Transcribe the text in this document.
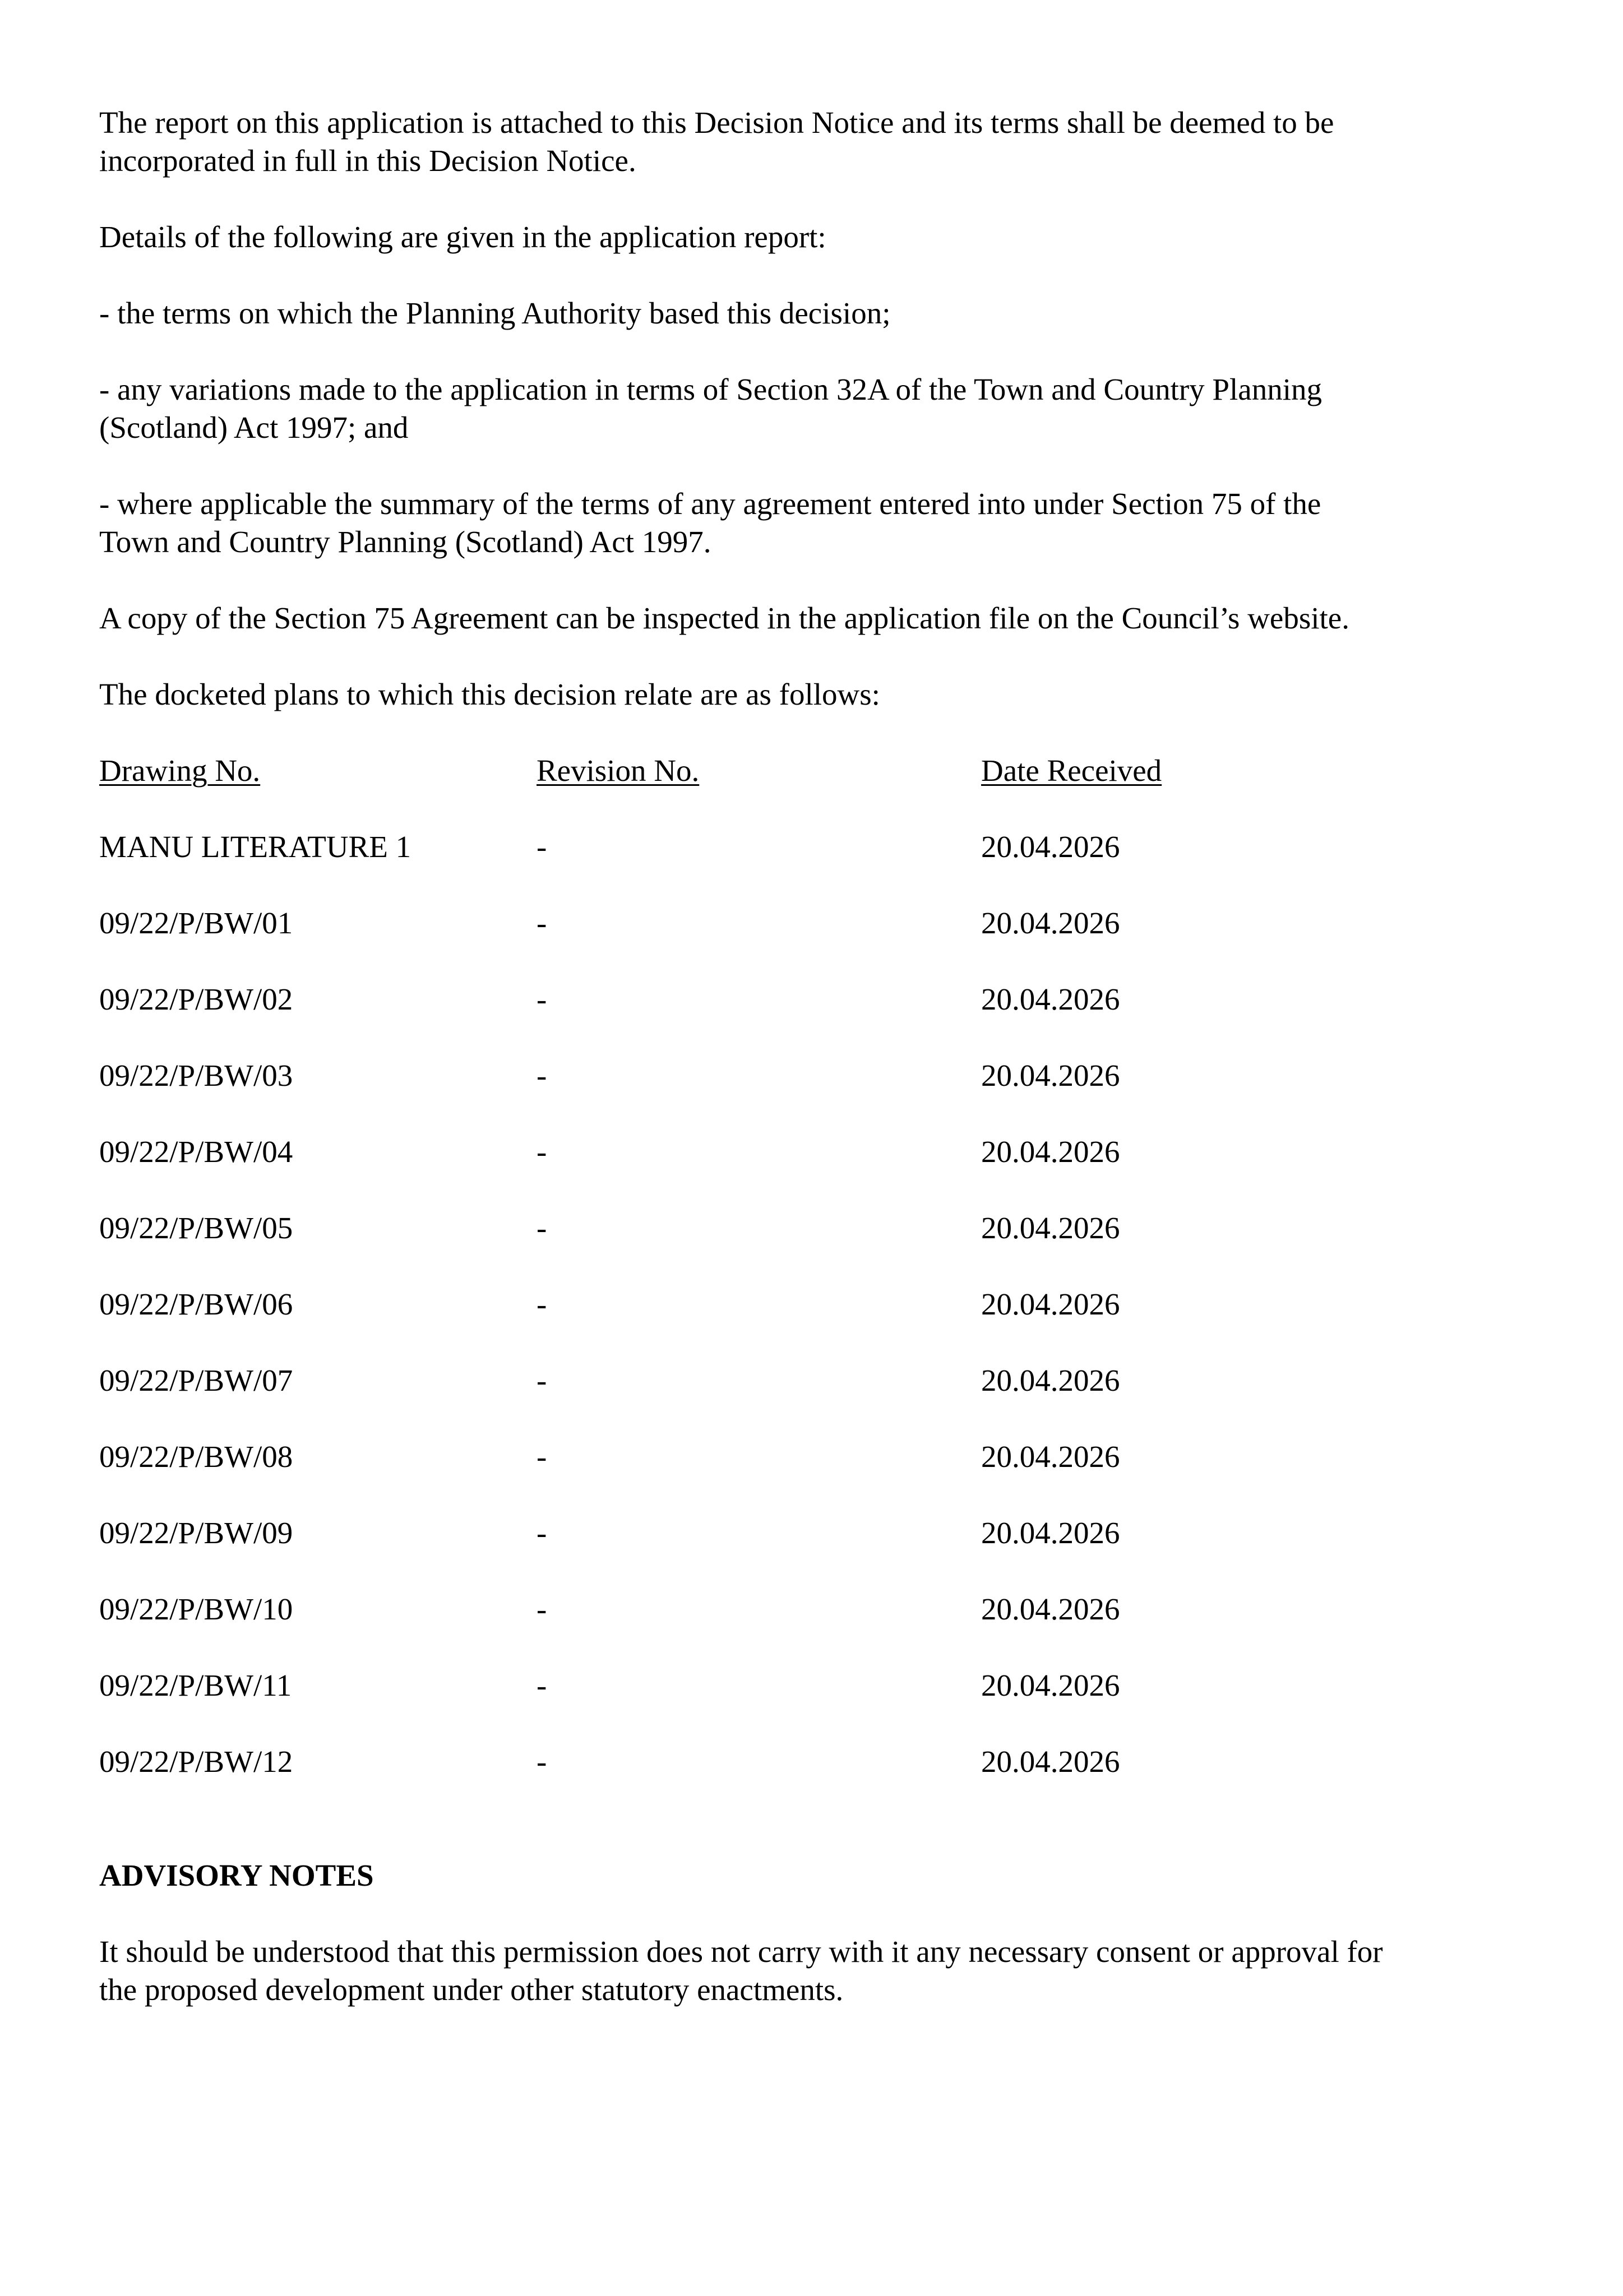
The report on this application is attached to this Decision Notice and its terms shall be deemed to be incorporated in full in this Decision Notice.

Details of the following are given in the application report:

- the terms on which the Planning Authority based this decision;

- any variations made to the application in terms of Section 32A of the Town and Country Planning (Scotland) Act 1997; and

- where applicable the summary of the terms of any agreement entered into under Section 75 of the Town and Country Planning (Scotland) Act 1997.

A copy of the Section 75 Agreement can be inspected in the application file on the Council’s website.

The docketed plans to which this decision relate are as follows:

Drawing No.	Revision No.	Date Received
MANU LITERATURE 1	-	20.04.2026
09/22/P/BW/01	-	20.04.2026
09/22/P/BW/02	-	20.04.2026
09/22/P/BW/03	-	20.04.2026
09/22/P/BW/04	-	20.04.2026
09/22/P/BW/05	-	20.04.2026
09/22/P/BW/06	-	20.04.2026
09/22/P/BW/07	-	20.04.2026
09/22/P/BW/08	-	20.04.2026
09/22/P/BW/09	-	20.04.2026
09/22/P/BW/10	-	20.04.2026
09/22/P/BW/11	-	20.04.2026
09/22/P/BW/12	-	20.04.2026
ADVISORY NOTES

It should be understood that this permission does not carry with it any necessary consent or approval for the proposed development under other statutory enactments.
